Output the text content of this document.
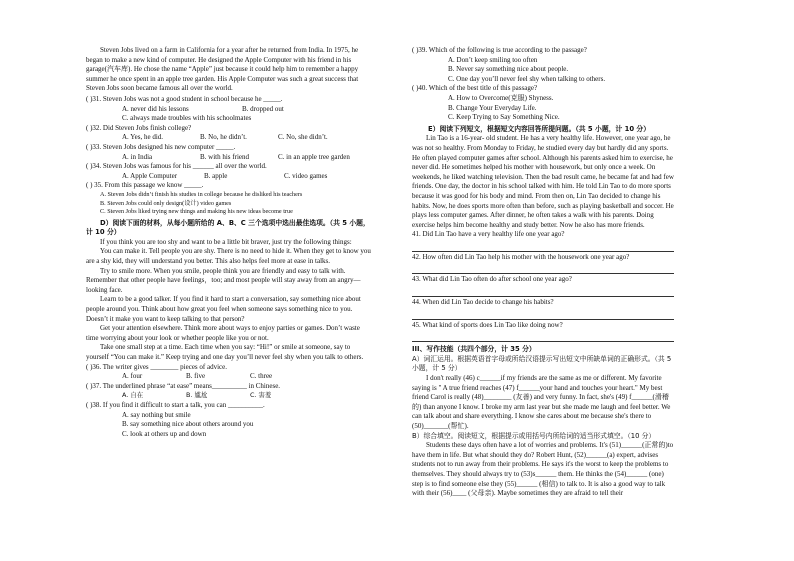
Steven Jobs lived on a farm in California for a year after he returned from India. In 1975, he began to make a new kind of computer. He designed the Apple Computer with his friend in his garage(汽车库). He chose the name “Apple” just because it could help him to remember a happy summer he once spent in an apple tree garden. His Apple Computer was such a great success that Steven Jobs soon became famous all over the world.

( )31. Steven Jobs was not a good student in school because he _____.

A. never did his lessons	B. dropped out

C. always made troubles with his schoolmates

( )32. Did Steven Jobs finish college?

A. Yes, he did.	B. No, he didn’t.	C. No, she didn’t.

( )33. Steven Jobs designed his new computer _____.

A. in India	B. with his friend	C. in an apple tree garden

( )34. Steven Jobs was famous for his ______ all over the world.

A. Apple Computer	B. apple	C. video games

( ) 35. From this passage we know _____.

A. Steven Jobs didn’t finish his studies in college because he disliked his teachers

B. Steven Jobs could only design(设计) video games

C. Steven Jobs liked trying new things and making his new ideas become true

D）阅读下面的材料，从每小题所给的 A、B、C 三个选项中选出最佳选项。（共 5 小题，计 10 分）

If you think you are too shy and want to be a little bit braver, just try the following things:

You can make it. Tell people you are shy. There is no need to hide it. When they get to know you are a shy kid, they will understand you better. This also helps feel more at ease in talks.

Try to smile more. When you smile, people think you are friendly and easy to talk with. Remember that other people have feelings，too; and most people will stay away from an angry—looking face.

Learn to be a good talker. If you find it hard to start a conversation, say something nice about people around you. Think about how great you feel when someone says something nice to you. Doesn’t it make you want to keep talking to that person?

Get your attention elsewhere. Think more about ways to enjoy parties or games. Don’t waste time worrying about your look or whether people like you or not.

Take one small step at a time. Each time when you say: “Hi!” or smile at someone, say to yourself “You can make it.” Keep trying and one day you’ll never feel shy when you talk to others.

( )36. The writer gives ________ pieces of advice.

A. four	B. five	C. three

( )37. The underlined phrase “at ease” means__________ in Chinese.

A. 自在	B. 尴尬	C. 害羞

( )38. If you find it difficult to start a talk, you can __________.

A. say nothing but smile

B. say something nice about others around you

C. look at others up and down

( )39. Which of the following is true according to the passage?

A. Don’t keep smiling too often

B. Never say something nice about people.

C. One day you’ll never feel shy when talking to others.

( )40. Which of the best title of this passage?

A. How to Overcome(克服) Shyness.

B. Change Your Everyday Life.

C. Keep Trying to Say Something Nice.

E）阅读下列短文，根据短文内容回答所提问题。（共 5 小题，计 10 分）

Lin Tao is a 16-year- old student. He has a very healthy life. However, one year ago, he was not so healthy. From Monday to Friday, he studied every day but hardly did any sports. He often played computer games after school. Although his parents asked him to exercise, he never did. He sometimes helped his mother with housework, but only once a week. On weekends, he liked watching television. Then the bad result came, he became fat and had few friends. One day, the doctor in his school talked with him. He told Lin Tao to do more sports because it was good for his body and mind. From then on, Lin Tao decided to change his habits. Now, he does sports more often than before, such as playing basketball and soccer. He plays less computer games. After dinner, he often takes a walk with his parents. Doing exercise helps him become healthy and study better. Now he also has more friends.

41. Did Lin Tao have a very healthy life one year ago?

42. How often did Lin Tao help his mother with the housework one year ago?

43. What did Lin Tao often do after school one year ago?

44. When did Lin Tao decide to change his habits?

45. What kind of sports does Lin Tao like doing now?

III、写作技能（共四个部分，计 35 分）

A）词汇运用。根据英语首字母或所给汉语提示写出短文中所缺单词的正确形式。（共 5 小题，计 5 分）

I don't really (46) c______if my friends are the same as me or different. My favorite saying is " A true friend reaches (47) f______your hand and touches your heart." My best friend Carol is really (48)________ (友善) and very funny. In fact, she's (49) f______(滑稽的) than anyone I know. I broke my arm last year but she made me laugh and feel better. We can talk about and share everything. I know she cares about me because she's there to (50)_______(帮忙).

B）综合填空。阅读短文，根据提示或用括号内所给词的适当形式填空。（10 分）

Students these days often have a lot of worries and problems. It's (51)______(正常的)to have them in life. But what should they do? Robert Hunt, (52)______(a) expert, advises students not to run away from their problems. He says it's the worst to keep the problems to themselves. They should always try to (53)s______ them. He thinks the (54)______ (one) step is to find someone else they (55)______ (相信) to talk to. It is also a good way to talk with their (56)____ (父母亲). Maybe sometimes they are afraid to tell their
